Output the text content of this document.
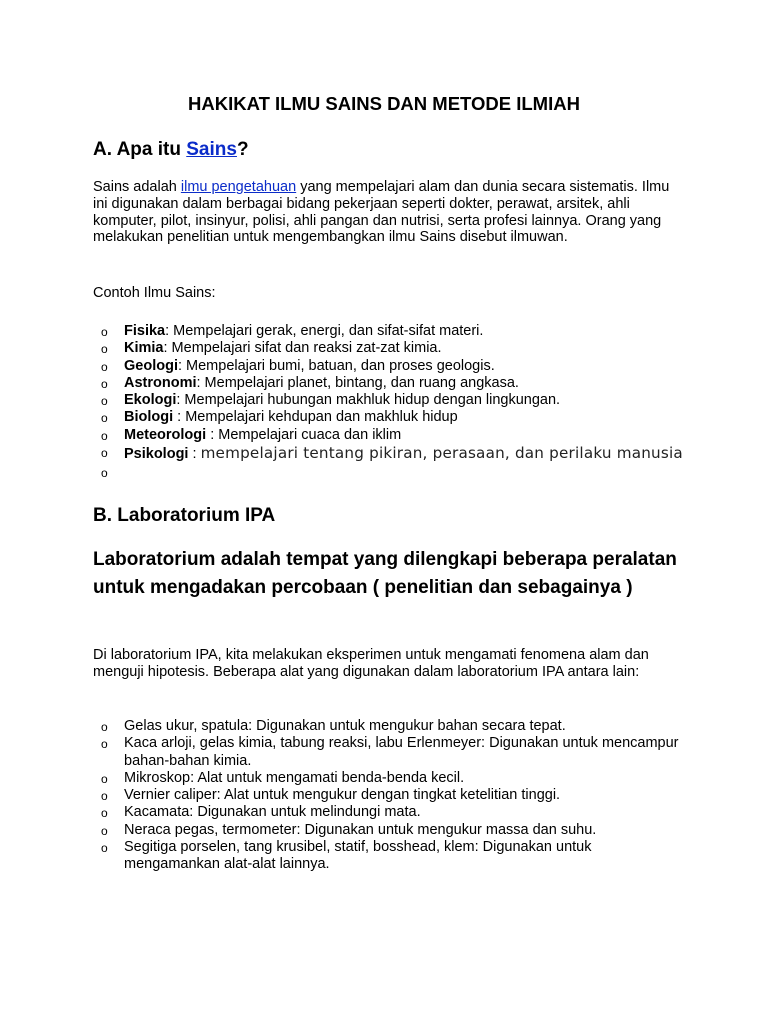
HAKIKAT ILMU SAINS DAN METODE ILMIAH
A. Apa itu Sains?

Sains adalah ilmu pengetahuan yang mempelajari alam dan dunia secara sistematis. Ilmu ini digunakan dalam berbagai bidang pekerjaan seperti dokter, perawat, arsitek, ahli komputer, pilot, insinyur, polisi, ahli pangan dan nutrisi, serta profesi lainnya. Orang yang melakukan penelitian untuk mengembangkan ilmu Sains disebut ilmuwan.

Contoh Ilmu Sains:

o Fisika: Mempelajari gerak, energi, dan sifat-sifat materi.
o Kimia: Mempelajari sifat dan reaksi zat-zat kimia.
o Geologi: Mempelajari bumi, batuan, dan proses geologis.
o Astronomi: Mempelajari planet, bintang, dan ruang angkasa.
o Ekologi: Mempelajari hubungan makhluk hidup dengan lingkungan.
o Biologi : Mempelajari kehdupan dan makhluk hidup
o Meteorologi : Mempelajari cuaca dan iklim
o Psikologi : mempelajari tentang pikiran, perasaan, dan perilaku manusia
o

B. Laboratorium IPA

Laboratorium adalah tempat yang dilengkapi beberapa peralatan untuk mengadakan percobaan ( penelitian dan sebagainya )

Di laboratorium IPA, kita melakukan eksperimen untuk mengamati fenomena alam dan menguji hipotesis. Beberapa alat yang digunakan dalam laboratorium IPA antara lain:

o Gelas ukur, spatula: Digunakan untuk mengukur bahan secara tepat.
o Kaca arloji, gelas kimia, tabung reaksi, labu Erlenmeyer: Digunakan untuk mencampur bahan-bahan kimia.
o Mikroskop: Alat untuk mengamati benda-benda kecil.
o Vernier caliper: Alat untuk mengukur dengan tingkat ketelitian tinggi.
o Kacamata: Digunakan untuk melindungi mata.
o Neraca pegas, termometer: Digunakan untuk mengukur massa dan suhu.
o Segitiga porselen, tang krusibel, statif, bosshead, klem: Digunakan untuk mengamankan alat-alat lainnya.
